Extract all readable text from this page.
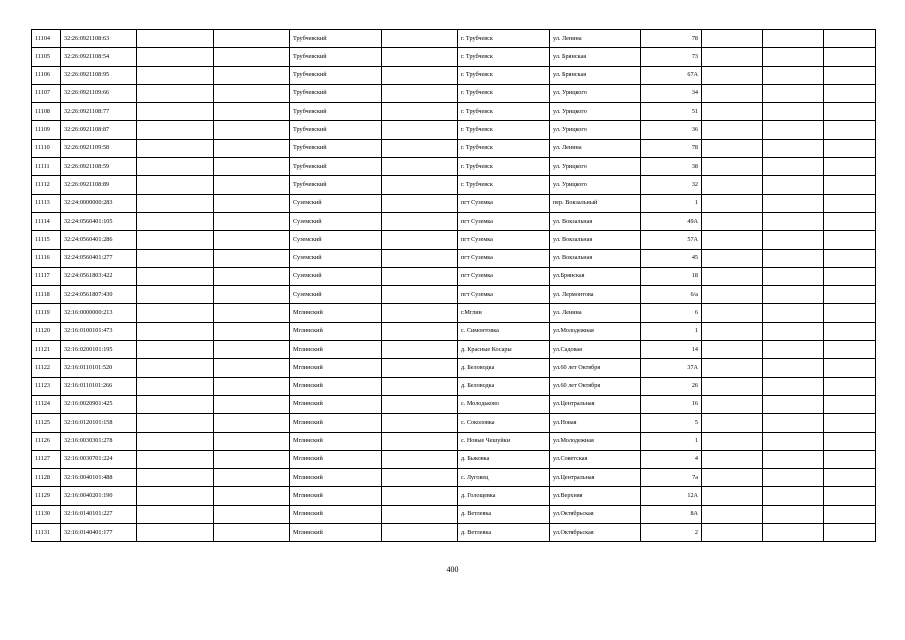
11104	32:26:0921108:63			Трубчевский		г. Трубчевск	ул. Ленина	78			
11105	32:26:0921108:54			Трубчевский		г. Трубчевск	ул. Брянская	73			
11106	32:26:0921108:95			Трубчевский		г. Трубчевск	ул. Брянская	67А			
11107	32:26:0921109:66			Трубчевский		г. Трубчевск	ул. Урицкого	34			
11108	32:26:0921108:77			Трубчевский		г. Трубчевск	ул. Урицкого	51			
11109	32:26:0921108:87			Трубчевский		г. Трубчевск	ул. Урицкого	36			
11110	32:26:0921109:58			Трубчевский		г. Трубчевск	ул. Ленина	78			
11111	32:26:0921108:59			Трубчевский		г. Трубчевск	ул. Урицкого	38			
11112	32:26:0921108:89			Трубчевский		г. Трубчевск	ул. Урицкого	32			
11113	32:24:0000000:283			Суземский		пгт Суземка	пер. Вокзальный	1			
11114	32:24:0560401:105			Суземский		пгт Суземка	ул. Вокзальная	49А			
11115	32:24:0560401:286			Суземский		пгт Суземка	ул. Вокзальная	57А			
11116	32:24:0560401:277			Суземский		пгт Суземка	ул. Вокзальная	45			
11117	32:24:0561803:422			Суземский		пгт Суземка	ул.Брянская	18			
11118	32:24:0561807:430			Суземский		пгт Суземка	ул. Лермонтова	6/а			
11119	32:16:0000000:213			Мглинский		г.Мглин	ул. Ленина	6			
11120	32:16:0100101:473			Мглинский		с. Симонтовка	ул.Молодежная	1			
11121	32:16:0200101:195			Мглинский		д. Красные Косары	ул.Садовая	14			
11122	32:16:0110101:520			Мглинский		д. Беловодка	ул.60 лет Октября	37А			
11123	32:16:0110101:266			Мглинский		д. Беловодка	ул.60 лет Октября	26			
11124	32:16:0020901:425			Мглинский		с. Молодьково	ул.Центральная	16			
11125	32:16:0120101:158			Мглинский		с. Соколовка	ул.Новая	5			
11126	32:16:0030301:278			Мглинский		с. Новые Чешуйки	ул.Молодежная	1			
11127	32:16:0030701:224			Мглинский		д. Быковка	ул.Советская	4			
11128	32:16:0040101:488			Мглинский		с. Луговец	ул.Центральная	7а			
11129	32:16:0040201:190			Мглинский		д. Голощевка	ул.Верхняя	12А			
11130	32:16:0140101:227			Мглинский		д. Ветлевка	ул.Октябрьская	8А			
11131	32:16:0140401:177			Мглинский		д. Ветлевка	ул.Октябрьская	2			
400
